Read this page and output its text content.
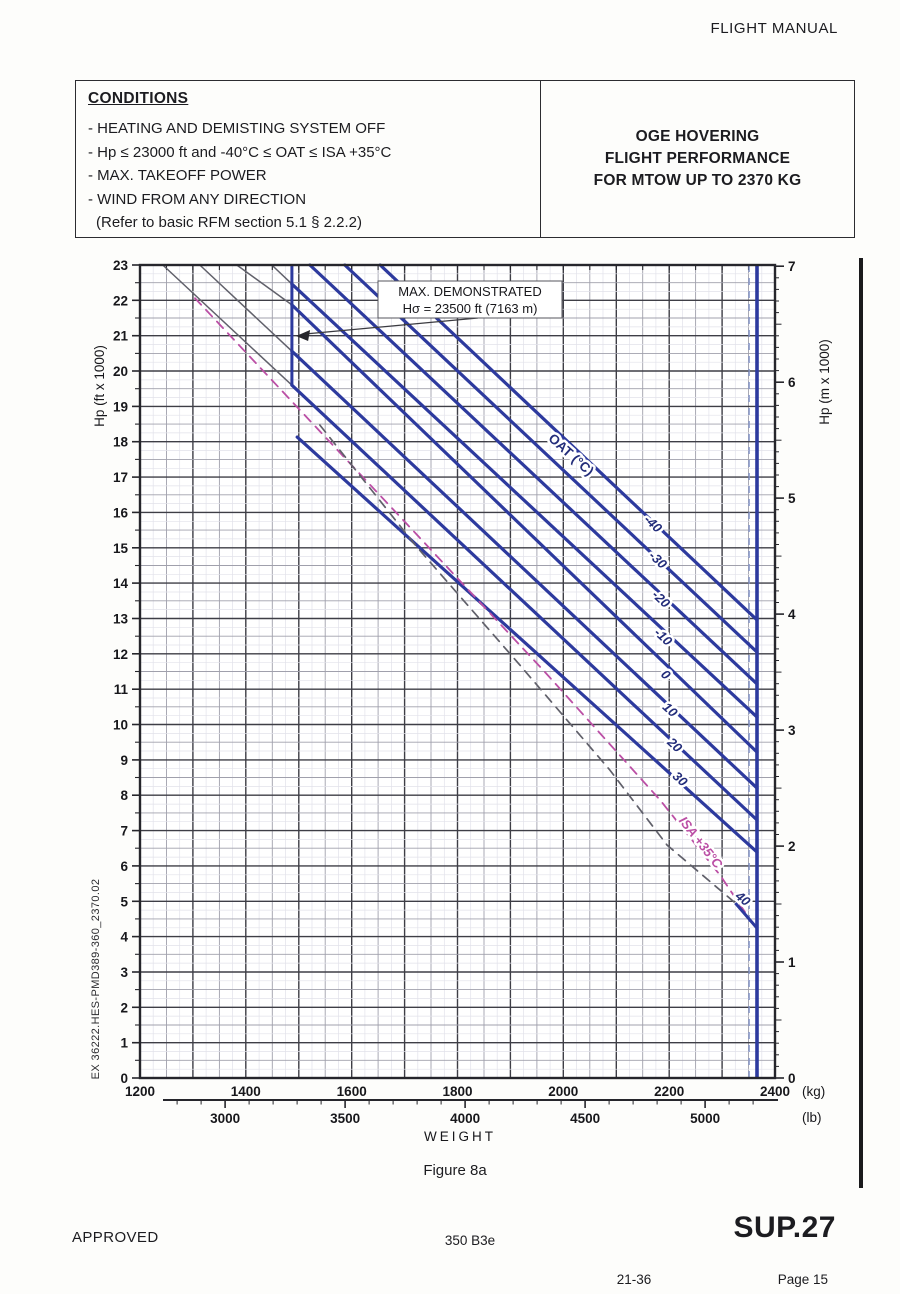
FLIGHT MANUAL
CONDITIONS
- HEATING AND DEMISTING SYSTEM OFF
- Hp ≤ 23000 ft and -40°C ≤ OAT ≤ ISA +35°C
- MAX. TAKEOFF POWER
- WIND FROM ANY DIRECTION
(Refer to basic RFM section 5.1 § 2.2.2)
OGE HOVERING
FLIGHT PERFORMANCE
FOR MTOW UP TO 2370 KG
0
1
2
3
4
5
6
7
8
9
10
11
12
13
14
15
16
17
18
19
20
21
22
23
Hp (ft x 1000)
0
1
2
3
4
5
6
7
Hp (m x 1000)
1200	1400	1600	1800	2000	2200	2400 (kg)
3000	3500	4000	4500	5000	(lb)
WEIGHT
-40
-30
-20
-10
0
10
20
30
ISA +35°C
40
OAT (°C)
MAX. DEMONSTRATED
Hσ = 23500 ft (7163 m)
EX 36222.HES-PMD389-360_2370.02
Figure 8a
APPROVED	350 B3e	SUP.27
21-36	Page 15
